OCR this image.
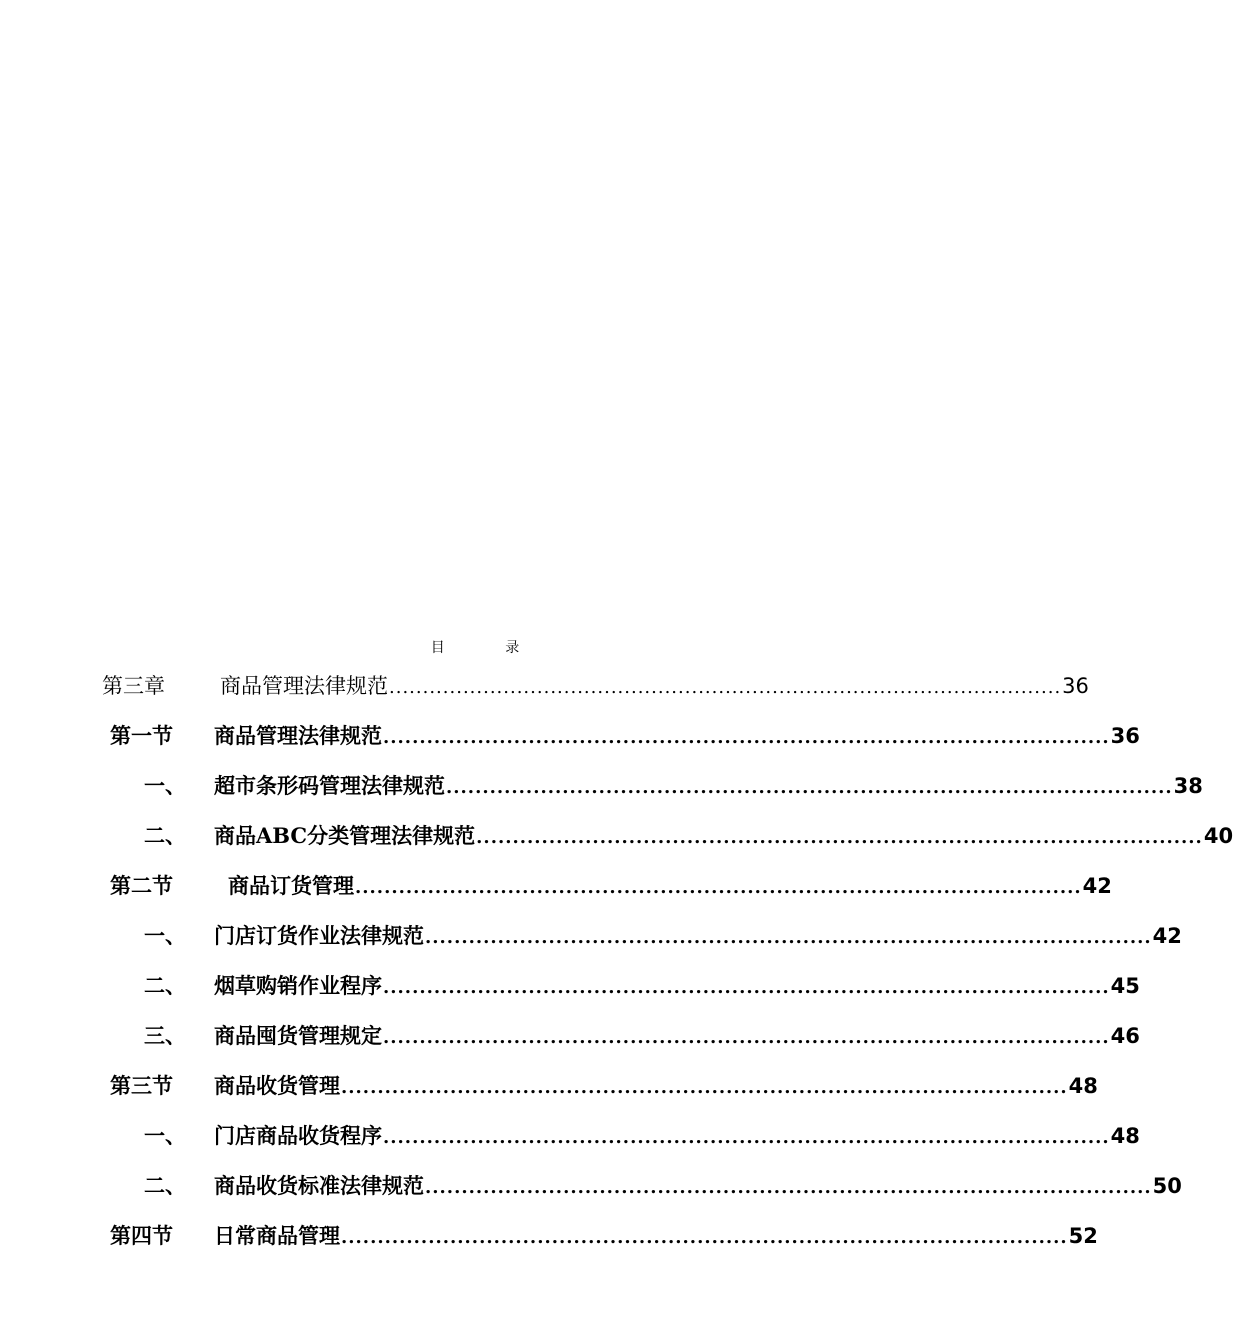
目 录
第三章	商品管理法律规范 .................................................................................................... 36
第一节	商品管理法律规范 .................................................................................................... 36
一、	超市条形码管理法律规范 .................................................................................................... 38
二、	商品ABC分类管理法律规范 .................................................................................................... 40
第二节	商品订货管理 .................................................................................................... 42
一、	门店订货作业法律规范 .................................................................................................... 42
二、	烟草购销作业程序 .................................................................................................... 45
三、	商品囤货管理规定 .................................................................................................... 46
第三节	商品收货管理 .................................................................................................... 48
一、	门店商品收货程序 .................................................................................................... 48
二、	商品收货标准法律规范 .................................................................................................... 50
第四节	日常商品管理 .................................................................................................... 52
